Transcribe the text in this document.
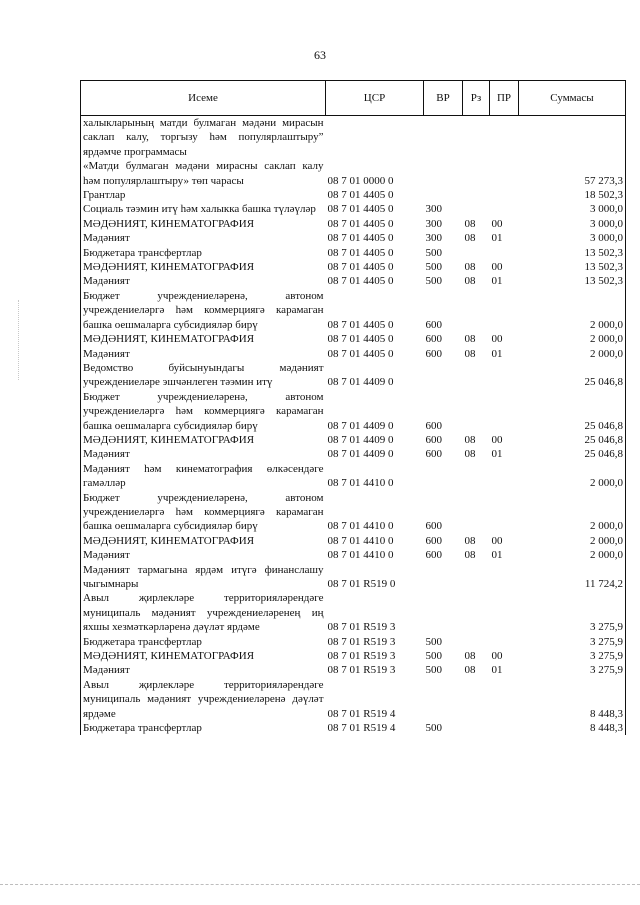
63
Исеме	ЦСР	ВР	Рз	ПР	Суммасы
халыкларының матди булмаган мәдәни мирасын саклап калу, торгызу һәм популярлаштыру” ярдәмче программасы					
«Матди булмаган мәдәни мирасны саклап калу һәм популярлаштыру» төп чарасы	08 7 01 0000 0				57 273,3
Грантлар	08 7 01 4405 0				18 502,3
Социаль тәэмин итү һәм халыкка башка түләүләр	08 7 01 4405 0	300			3 000,0
МӘДӘНИЯТ, КИНЕМАТОГРАФИЯ	08 7 01 4405 0	300	08	00	3 000,0
Мәдәният	08 7 01 4405 0	300	08	01	3 000,0
Бюджетара трансфертлар	08 7 01 4405 0	500			13 502,3
МӘДӘНИЯТ, КИНЕМАТОГРАФИЯ	08 7 01 4405 0	500	08	00	13 502,3
Мәдәният	08 7 01 4405 0	500	08	01	13 502,3
Бюджет учреждениеләренә, автоном учреждениеләргә һәм коммерциягә карамаган башка оешмаларга субсидияләр бирү	08 7 01 4405 0	600			2 000,0
МӘДӘНИЯТ, КИНЕМАТОГРАФИЯ	08 7 01 4405 0	600	08	00	2 000,0
Мәдәният	08 7 01 4405 0	600	08	01	2 000,0
Ведомство буйсынуындагы мәдәният учреждениеләре эшчәнлеген тәэмин итү	08 7 01 4409 0				25 046,8
Бюджет учреждениеләренә, автоном учреждениеләргә һәм коммерциягә карамаган башка оешмаларга субсидияләр бирү	08 7 01 4409 0	600			25 046,8
МӘДӘНИЯТ, КИНЕМАТОГРАФИЯ	08 7 01 4409 0	600	08	00	25 046,8
Мәдәният	08 7 01 4409 0	600	08	01	25 046,8
Мәдәният һәм кинематография өлкәсендәге гамәлләр	08 7 01 4410 0				2 000,0
Бюджет учреждениеләренә, автоном учреждениеләргә һәм коммерциягә карамаган башка оешмаларга субсидияләр бирү	08 7 01 4410 0	600			2 000,0
МӘДӘНИЯТ, КИНЕМАТОГРАФИЯ	08 7 01 4410 0	600	08	00	2 000,0
Мәдәният	08 7 01 4410 0	600	08	01	2 000,0
Мәдәният тармагына ярдәм итүгә финанслашу чыгымнары	08 7 01 R519 0				11 724,2
Авыл җирлекләре территорияләрендәге муниципаль мәдәният учреждениеләренең иң яхшы хезмәткәрләренә дәүләт ярдәме	08 7 01 R519 3				3 275,9
Бюджетара трансфертлар	08 7 01 R519 3	500			3 275,9
МӘДӘНИЯТ, КИНЕМАТОГРАФИЯ	08 7 01 R519 3	500	08	00	3 275,9
Мәдәният	08 7 01 R519 3	500	08	01	3 275,9
Авыл җирлекләре территорияләрендәге муниципаль мәдәният учреждениеләренә дәүләт ярдәме	08 7 01 R519 4				8 448,3
Бюджетара трансфертлар	08 7 01 R519 4	500			8 448,3
